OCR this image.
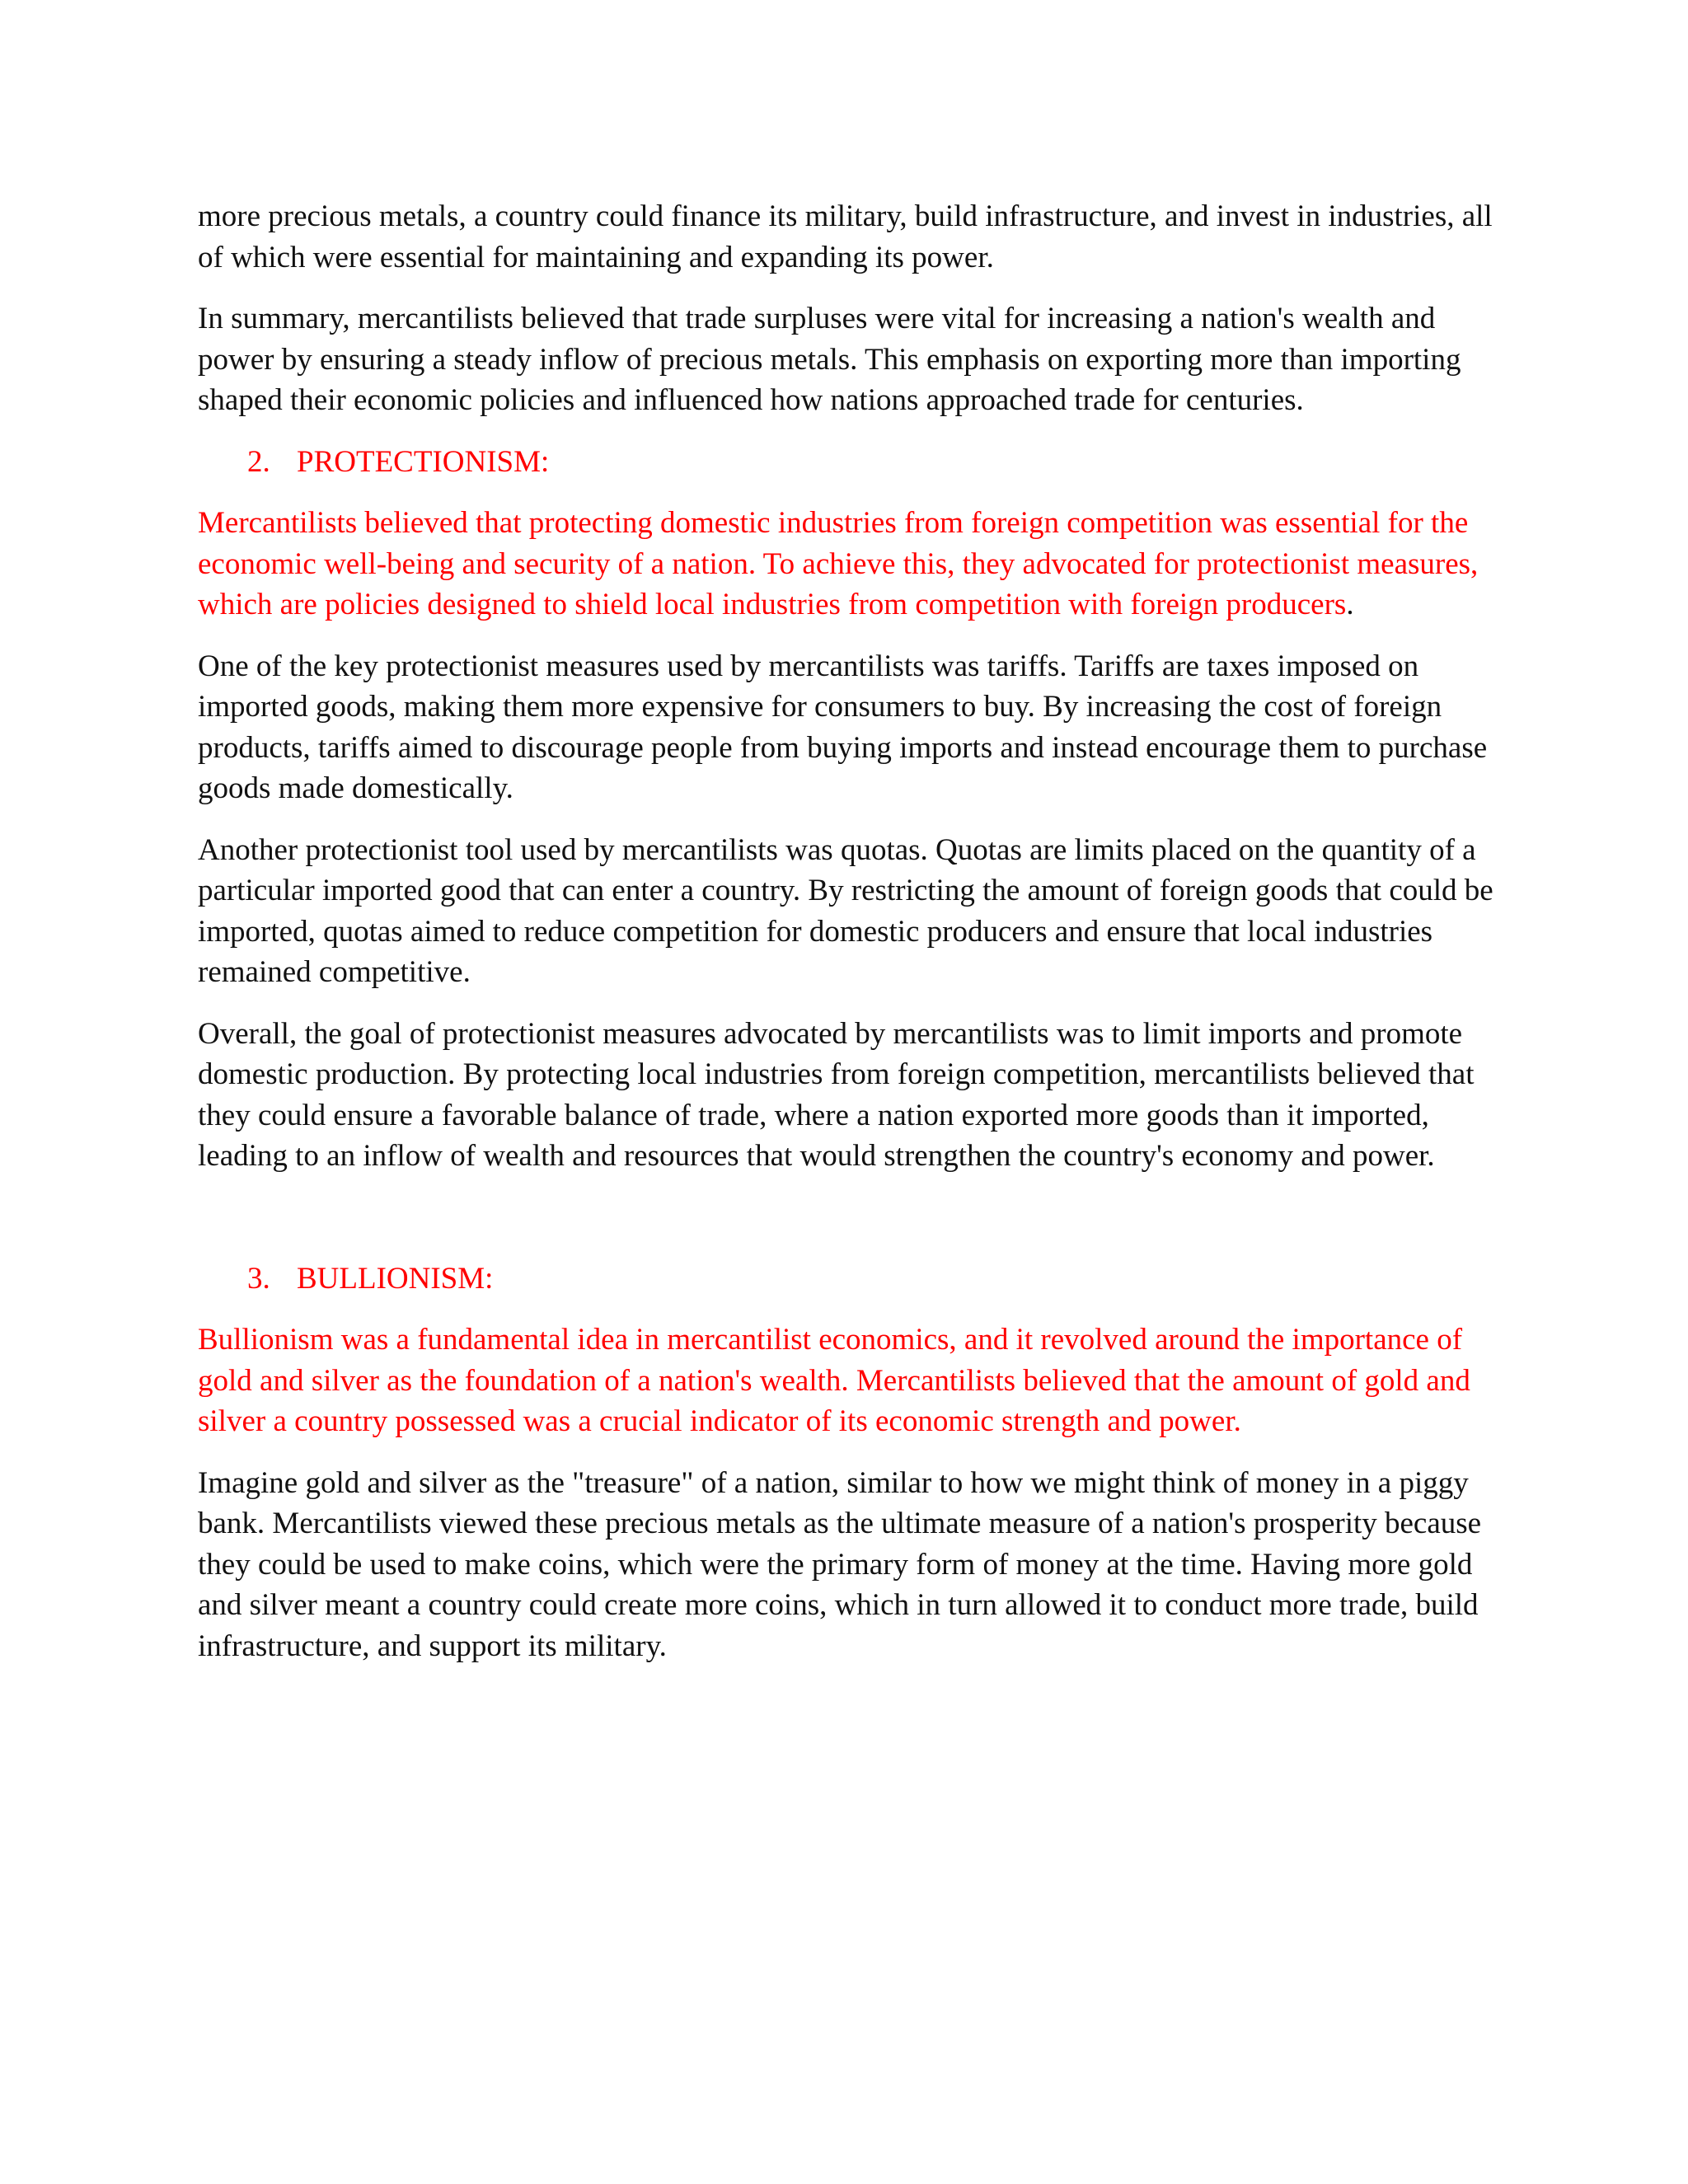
more precious metals, a country could finance its military, build infrastructure, and invest in industries, all of which were essential for maintaining and expanding its power.

In summary, mercantilists believed that trade surpluses were vital for increasing a nation's wealth and power by ensuring a steady inflow of precious metals. This emphasis on exporting more than importing shaped their economic policies and influenced how nations approached trade for centuries.

2. PROTECTIONISM:

Mercantilists believed that protecting domestic industries from foreign competition was essential for the economic well-being and security of a nation. To achieve this, they advocated for protectionist measures, which are policies designed to shield local industries from competition with foreign producers.

One of the key protectionist measures used by mercantilists was tariffs. Tariffs are taxes imposed on imported goods, making them more expensive for consumers to buy. By increasing the cost of foreign products, tariffs aimed to discourage people from buying imports and instead encourage them to purchase goods made domestically.

Another protectionist tool used by mercantilists was quotas. Quotas are limits placed on the quantity of a particular imported good that can enter a country. By restricting the amount of foreign goods that could be imported, quotas aimed to reduce competition for domestic producers and ensure that local industries remained competitive.

Overall, the goal of protectionist measures advocated by mercantilists was to limit imports and promote domestic production. By protecting local industries from foreign competition, mercantilists believed that they could ensure a favorable balance of trade, where a nation exported more goods than it imported, leading to an inflow of wealth and resources that would strengthen the country's economy and power.

3. BULLIONISM:

Bullionism was a fundamental idea in mercantilist economics, and it revolved around the importance of gold and silver as the foundation of a nation's wealth. Mercantilists believed that the amount of gold and silver a country possessed was a crucial indicator of its economic strength and power.

Imagine gold and silver as the "treasure" of a nation, similar to how we might think of money in a piggy bank. Mercantilists viewed these precious metals as the ultimate measure of a nation's prosperity because they could be used to make coins, which were the primary form of money at the time. Having more gold and silver meant a country could create more coins, which in turn allowed it to conduct more trade, build infrastructure, and support its military.
